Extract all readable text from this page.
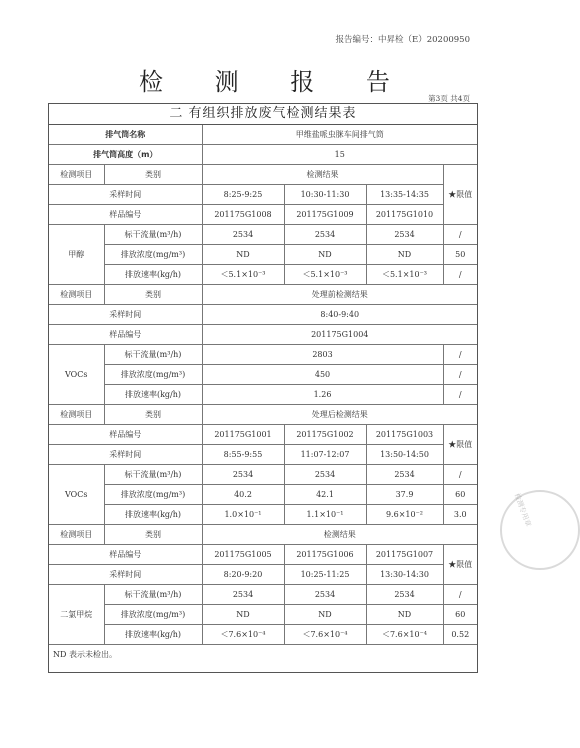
报告编号：中昇检（E）20200950
检 测 报 告
第3页 共4页
二 有组织排放废气检测结果表
排气筒名称		甲维盐哌虫脒车间排气筒			
排气筒高度（m）		15			
检测项目	类别	检测结果			★限值
采样时间		8:25-9:25	10:30-11:30	13:35-14:35	
样品编号		201175G1008	201175G1009	201175G1010	
甲醇	标干流量(m³/h)	2534	2534	2534	/
	排放浓度(mg/m³)	ND	ND	ND	50
	排放速率(kg/h)	＜5.1×10⁻³	＜5.1×10⁻³	＜5.1×10⁻³	/
检测项目	类别	处理前检测结果			
采样时间		8:40-9:40			
样品编号		201175G1004			
VOCs	标干流量(m³/h)	2803			/
	排放浓度(mg/m³)	450			/
	排放速率(kg/h)	1.26			/
检测项目	类别	处理后检测结果			
样品编号		201175G1001	201175G1002	201175G1003	★限值
采样时间		8:55-9:55	11:07-12:07	13:50-14:50	
VOCs	标干流量(m³/h)	2534	2534	2534	/
	排放浓度(mg/m³)	40.2	42.1	37.9	60
	排放速率(kg/h)	1.0×10⁻¹	1.1×10⁻¹	9.6×10⁻²	3.0
检测项目	类别	检测结果			
样品编号		201175G1005	201175G1006	201175G1007	★限值
采样时间		8:20-9:20	10:25-11:25	13:30-14:30	
二氯甲烷	标干流量(m³/h)	2534	2534	2534	/
	排放浓度(mg/m³)	ND	ND	ND	60
	排放速率(kg/h)	＜7.6×10⁻⁴	＜7.6×10⁻⁴	＜7.6×10⁻⁴	0.52
ND 表示未检出。
检测专用章
